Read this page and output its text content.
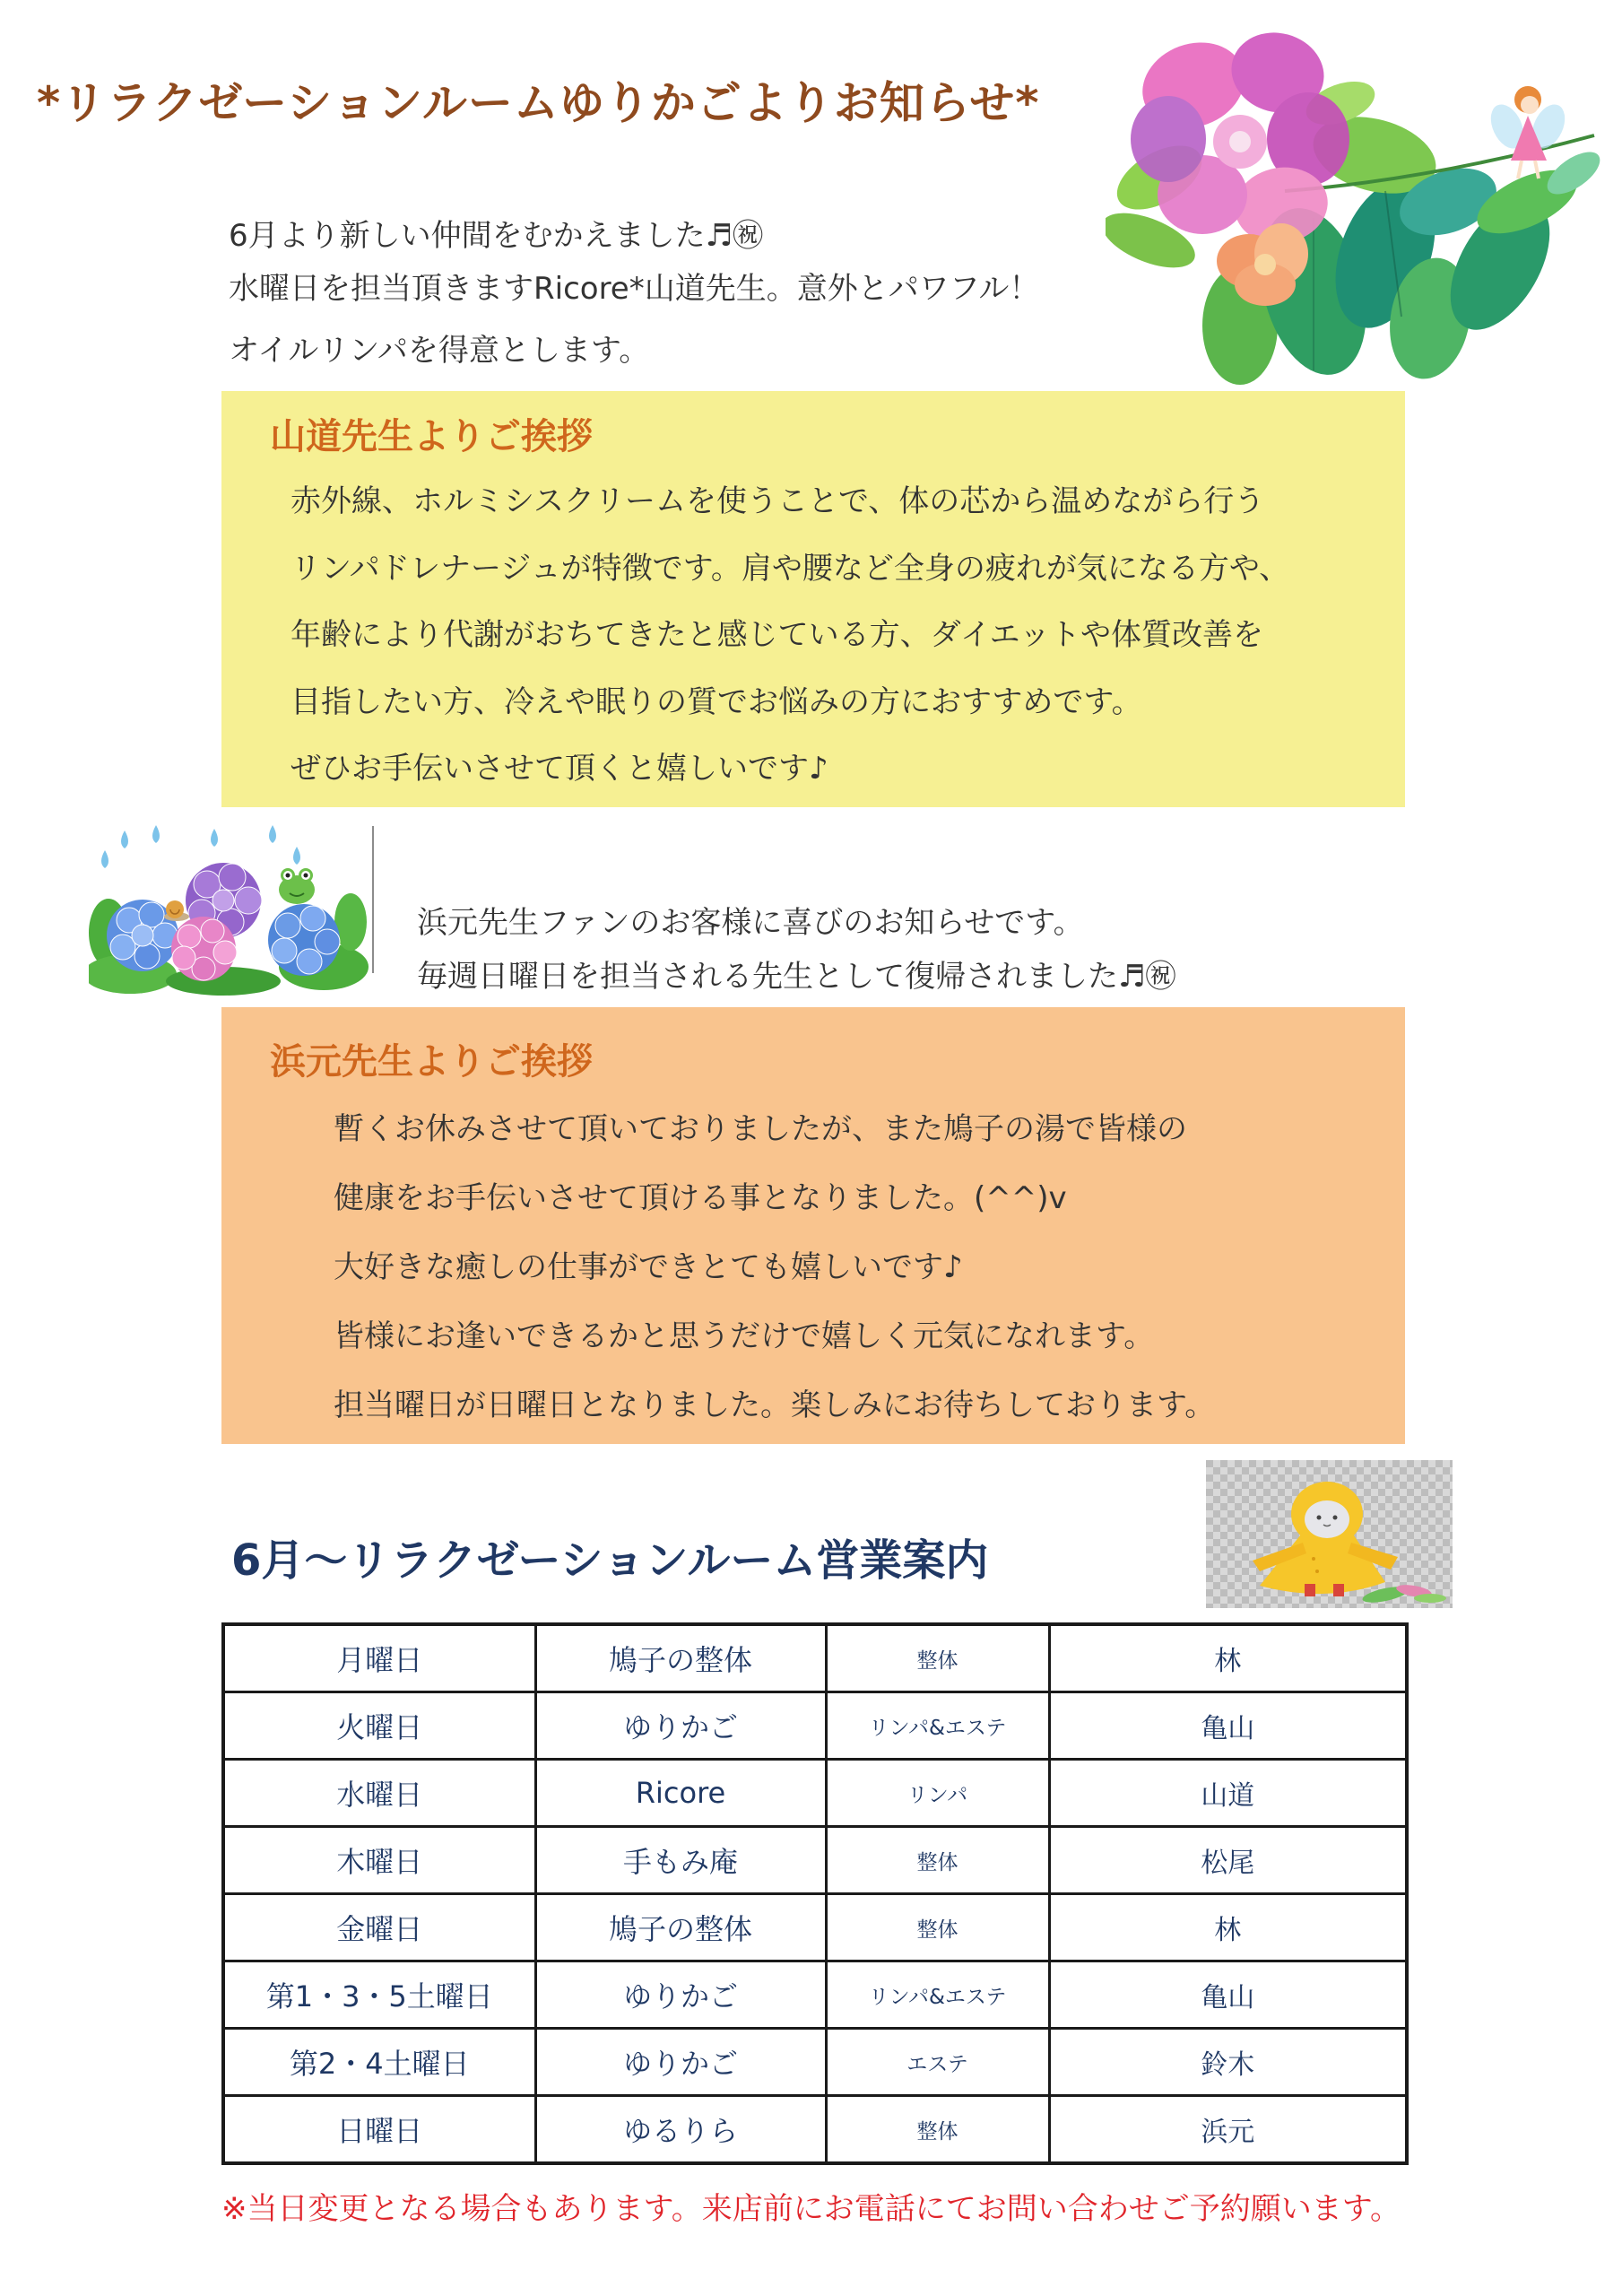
*リラクゼーションルームゆりかごよりお知らせ*
6月より新しい仲間をむかえました♬㊗
水曜日を担当頂きますRicore*山道先生。意外とパワフル！
オイルリンパを得意とします。
山道先生よりご挨拶
赤外線、ホルミシスクリームを使うことで、体の芯から温めながら行う
リンパドレナージュが特徴です。肩や腰など全身の疲れが気になる方や、
年齢により代謝がおちてきたと感じている方、ダイエットや体質改善を
目指したい方、冷えや眠りの質でお悩みの方におすすめです。
ぜひお手伝いさせて頂くと嬉しいです♪
浜元先生ファンのお客様に喜びのお知らせです。
毎週日曜日を担当される先生として復帰されました♬㊗
浜元先生よりご挨拶
暫くお休みさせて頂いておりましたが、また鳩子の湯で皆様の
健康をお手伝いさせて頂ける事となりました。(^^)v
大好きな癒しの仕事ができとても嬉しいです♪
皆様にお逢いできるかと思うだけで嬉しく元気になれます。
担当曜日が日曜日となりました。楽しみにお待ちしております。
6月～リラクゼーションルーム営業案内
月曜日	鳩子の整体	整体	林
火曜日	ゆりかご	リンパ&エステ	亀山
水曜日	Ricore	リンパ	山道
木曜日	手もみ庵	整体	松尾
金曜日	鳩子の整体	整体	林
第1・3・5土曜日	ゆりかご	リンパ&エステ	亀山
第2・4土曜日	ゆりかご	エステ	鈴木
日曜日	ゆるりら	整体	浜元
※当日変更となる場合もあります。来店前にお電話にてお問い合わせご予約願います。
